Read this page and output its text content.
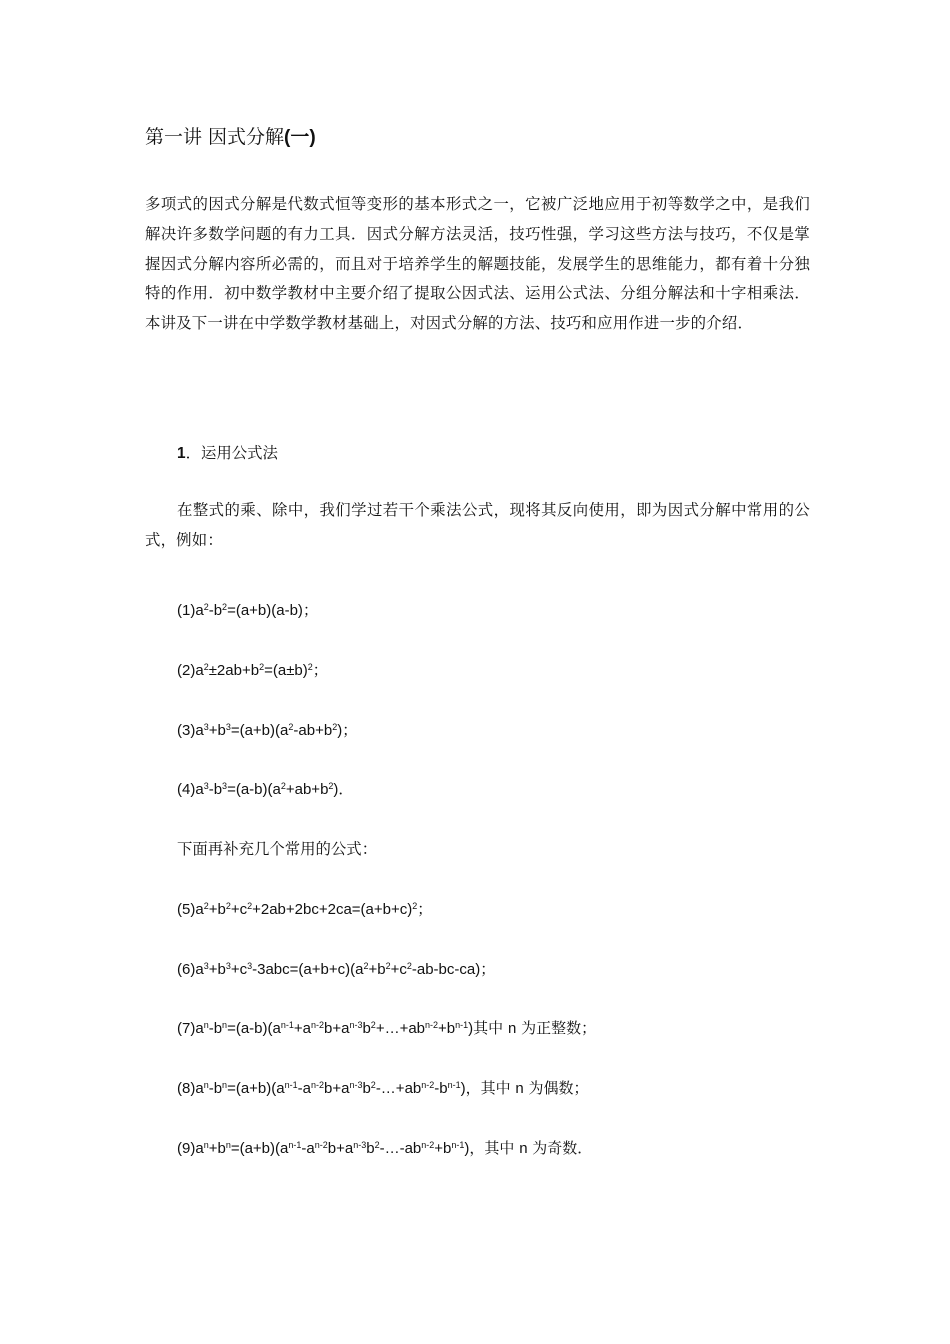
第一讲 因式分解(一)
多项式的因式分解是代数式恒等变形的基本形式之一，它被广泛地应用于初等数学之中，是我们解决许多数学问题的有力工具．因式分解方法灵活，技巧性强，学习这些方法与技巧，不仅是掌握因式分解内容所必需的，而且对于培养学生的解题技能，发展学生的思维能力，都有着十分独特的作用．初中数学教材中主要介绍了提取公因式法、运用公式法、分组分解法和十字相乘法．本讲及下一讲在中学数学教材基础上，对因式分解的方法、技巧和应用作进一步的介绍．
1．运用公式法
在整式的乘、除中，我们学过若干个乘法公式，现将其反向使用，即为因式分解中常用的公式，例如：
$(1)a^2-b^2=(a+b)(a-b)$；
$(2)a^2\pm 2ab+b^2=(a\pm b)^2$；
$(3)a^3+b^3=(a+b)(a^2-ab+b^2)$；
$(4)a^3-b^3=(a-b)(a^2+ab+b^2)$．
下面再补充几个常用的公式：
$(5)a^2+b^2+c^2+2ab+2bc+2ca=(a+b+c)^2$；
$(6)a^3+b^3+c^3-3abc=(a+b+c)(a^2+b^2+c^2-ab-bc-ca)$；
$(7)a^n-b^n=(a-b)(a^{n-1}+a^{n-2}b+a^{n-3}b^2+\dots+ab^{n-2}+b^{n-1})$其中 n 为正整数；
$(8)a^n-b^n=(a+b)(a^{n-1}-a^{n-2}b+a^{n-3}b^2-\dots+ab^{n-2}-b^{n-1})$，其中 n 为偶数；
$(9)a^n+b^n=(a+b)(a^{n-1}-a^{n-2}b+a^{n-3}b^2-\dots-ab^{n-2}+b^{n-1})$，其中 n 为奇数．
